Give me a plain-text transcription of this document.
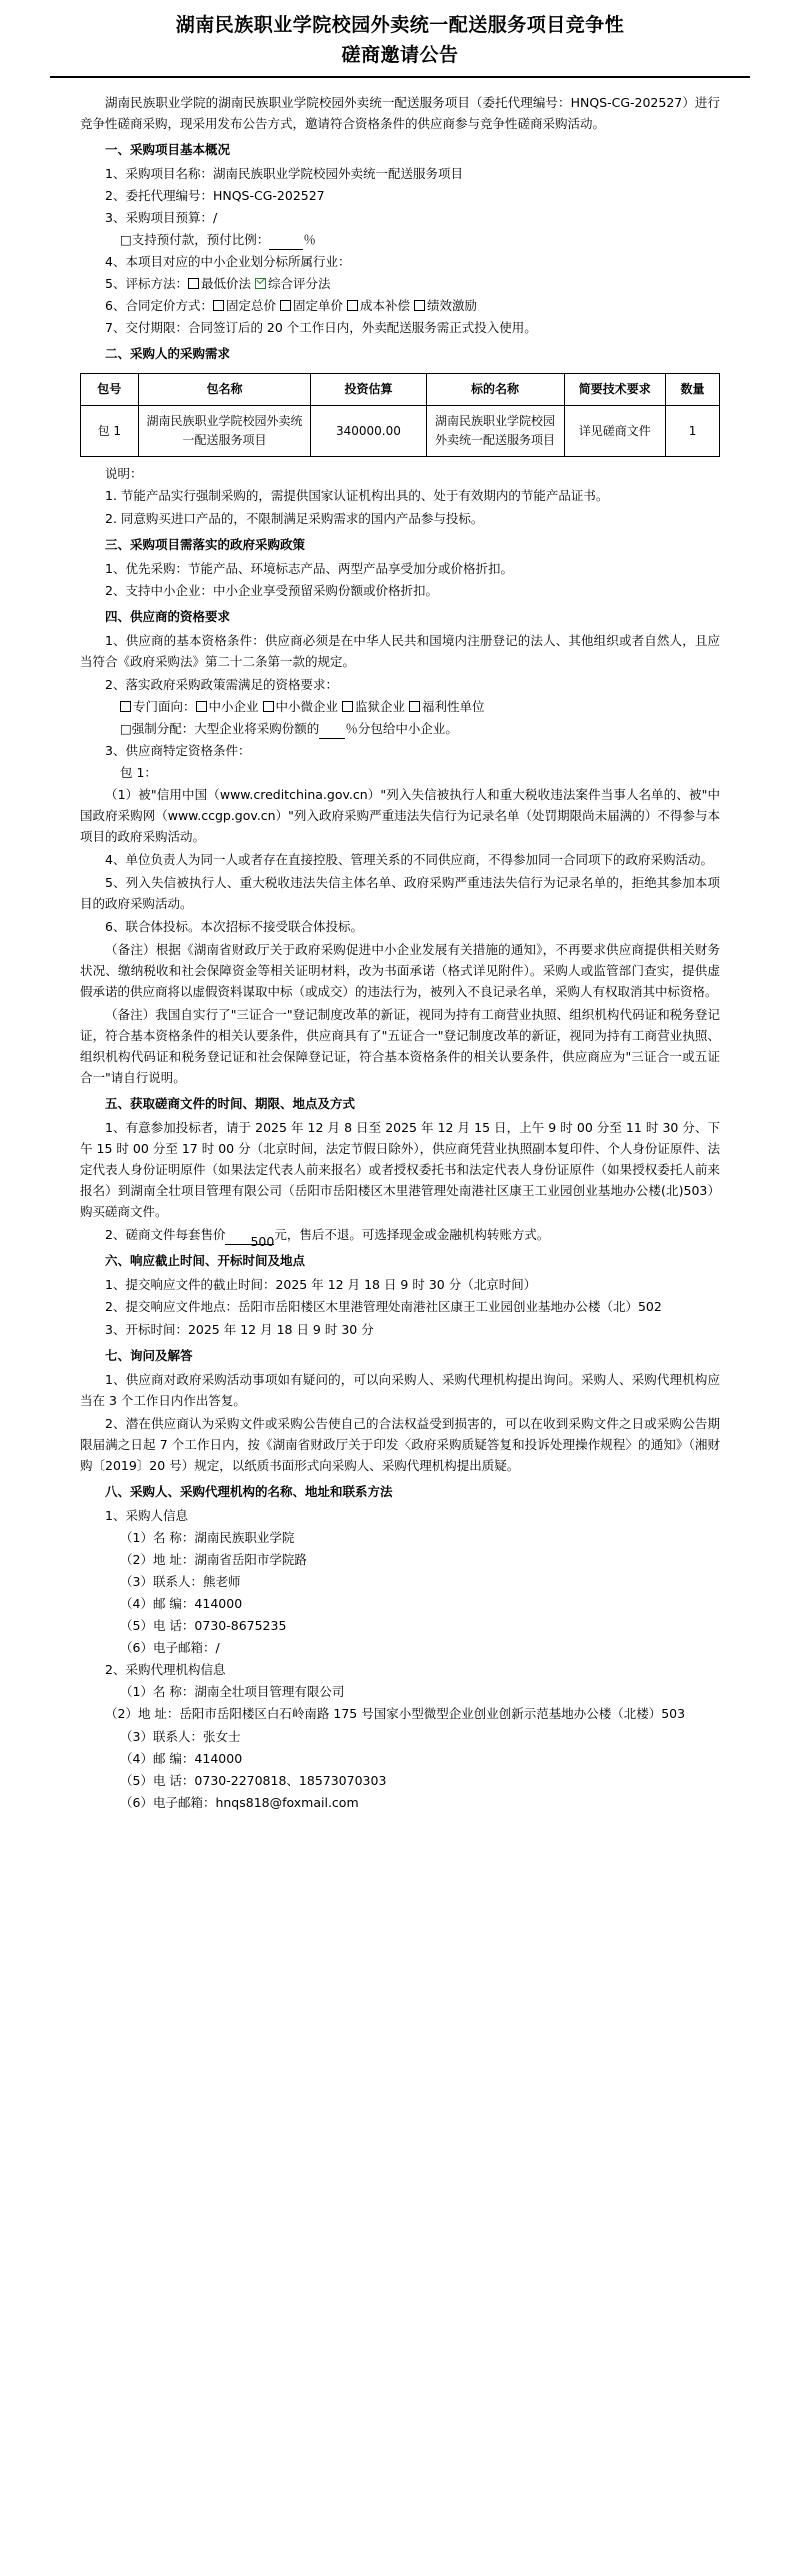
湖南民族职业学院校园外卖统一配送服务项目竞争性
磋商邀请公告

湖南民族职业学院的湖南民族职业学院校园外卖统一配送服务项目（委托代理编号：HNQS-CG-202527）进行竞争性磋商采购，现采用发布公告方式，邀请符合资格条件的供应商参与竞争性磋商采购活动。

一、采购项目基本概况

1、采购项目名称：湖南民族职业学院校园外卖统一配送服务项目

2、委托代理编号：HNQS-CG-202527

3、采购项目预算：/

□支持预付款，预付比例：	％

4、本项目对应的中小企业划分标所属行业：

5、评标方法： 最低价法 综合评分法

6、合同定价方式： 固定总价 固定单价 成本补偿 绩效激励

7、交付期限：合同签订后的 20 个工作日内，外卖配送服务需正式投入使用。

二、采购人的采购需求

包号	包名称	投资估算	标的名称	简要技术要求	数量
包 1	湖南民族职业学院校园外卖统一配送服务项目	340000.00	湖南民族职业学院校园外卖统一配送服务项目	详见磋商文件	1

说明：

1. 节能产品实行强制采购的，需提供国家认证机构出具的、处于有效期内的节能产品证书。

2. 同意购买进口产品的，不限制满足采购需求的国内产品参与投标。

三、采购项目需落实的政府采购政策

1、优先采购：节能产品、环境标志产品、两型产品享受加分或价格折扣。

2、支持中小企业：中小企业享受预留采购份额或价格折扣。

四、供应商的资格要求

1、供应商的基本资格条件：供应商必须是在中华人民共和国境内注册登记的法人、其他组织或者自然人，且应当符合《政府采购法》第二十二条第一款的规定。

2、落实政府采购政策需满足的资格要求：

专门面向： 中小企业 中小微企业 监狱企业 福利性单位

□强制分配：大型企业将采购份额的 ％分包给中小企业。

3、供应商特定资格条件：

包 1：

（1）被"信用中国（www.creditchina.gov.cn）"列入失信被执行人和重大税收违法案件当事人名单的、被"中国政府采购网（www.ccgp.gov.cn）"列入政府采购严重违法失信行为记录名单（处罚期限尚未届满的）不得参与本项目的政府采购活动。

4、单位负责人为同一人或者存在直接控股、管理关系的不同供应商，不得参加同一合同项下的政府采购活动。

5、列入失信被执行人、重大税收违法失信主体名单、政府采购严重违法失信行为记录名单的，拒绝其参加本项目的政府采购活动。

6、联合体投标。本次招标不接受联合体投标。

（备注）根据《湖南省财政厅关于政府采购促进中小企业发展有关措施的通知》，不再要求供应商提供相关财务状况、缴纳税收和社会保障资金等相关证明材料，改为书面承诺（格式详见附件）。采购人或监管部门查实，提供虚假承诺的供应商将以虚假资料谋取中标（或成交）的违法行为，被列入不良记录名单，采购人有权取消其中标资格。

（备注）我国自实行了"三证合一"登记制度改革的新证，视同为持有工商营业执照、组织机构代码证和税务登记证，符合基本资格条件的相关认要条件，供应商具有了"五证合一"登记制度改革的新证，视同为持有工商营业执照、组织机构代码证和税务登记证和社会保障登记证，符合基本资格条件的相关认要条件，供应商应为"三证合一或五证合一"请自行说明。

五、获取磋商文件的时间、期限、地点及方式

1、有意参加投标者，请于 2025 年 12 月 8 日至 2025 年 12 月 15 日，上午 9 时 00 分至 11 时 30 分、下午 15 时 00 分至 17 时 00 分（北京时间，法定节假日除外），供应商凭营业执照副本复印件、个人身份证原件、法定代表人身份证明原件（如果法定代表人前来报名）或者授权委托书和法定代表人身份证原件（如果授权委托人前来报名）到湖南全壮项目管理有限公司（岳阳市岳阳楼区木里港管理处南港社区康王工业园创业基地办公楼(北)503）购买磋商文件。

2、磋商文件每套售价 500元，售后不退。可选择现金或金融机构转账方式。

六、响应截止时间、开标时间及地点

1、提交响应文件的截止时间：2025 年 12 月 18 日 9 时 30 分（北京时间）

2、提交响应文件地点：岳阳市岳阳楼区木里港管理处南港社区康王工业园创业基地办公楼（北）502

3、开标时间：2025 年 12 月 18 日 9 时 30 分

七、询问及解答

1、供应商对政府采购活动事项如有疑问的，可以向采购人、采购代理机构提出询问。采购人、采购代理机构应当在 3 个工作日内作出答复。

2、潜在供应商认为采购文件或采购公告使自己的合法权益受到损害的，可以在收到采购文件之日或采购公告期限届满之日起 7 个工作日内，按《湖南省财政厅关于印发〈政府采购质疑答复和投诉处理操作规程〉的通知》（湘财购〔2019〕20 号）规定，以纸质书面形式向采购人、采购代理机构提出质疑。

八、采购人、采购代理机构的名称、地址和联系方法

1、采购人信息

（1）名 称：湖南民族职业学院

（2）地 址：湖南省岳阳市学院路

（3）联系人：熊老师

（4）邮 编：414000

（5）电 话：0730-8675235

（6）电子邮箱：/

2、采购代理机构信息

（1）名 称：湖南全壮项目管理有限公司

（2）地 址：岳阳市岳阳楼区白石岭南路 175 号国家小型微型企业创业创新示范基地办公楼（北楼）503

（3）联系人：张女士

（4）邮 编：414000

（5）电 话：0730-2270818、18573070303

（6）电子邮箱：hnqs818@foxmail.com
